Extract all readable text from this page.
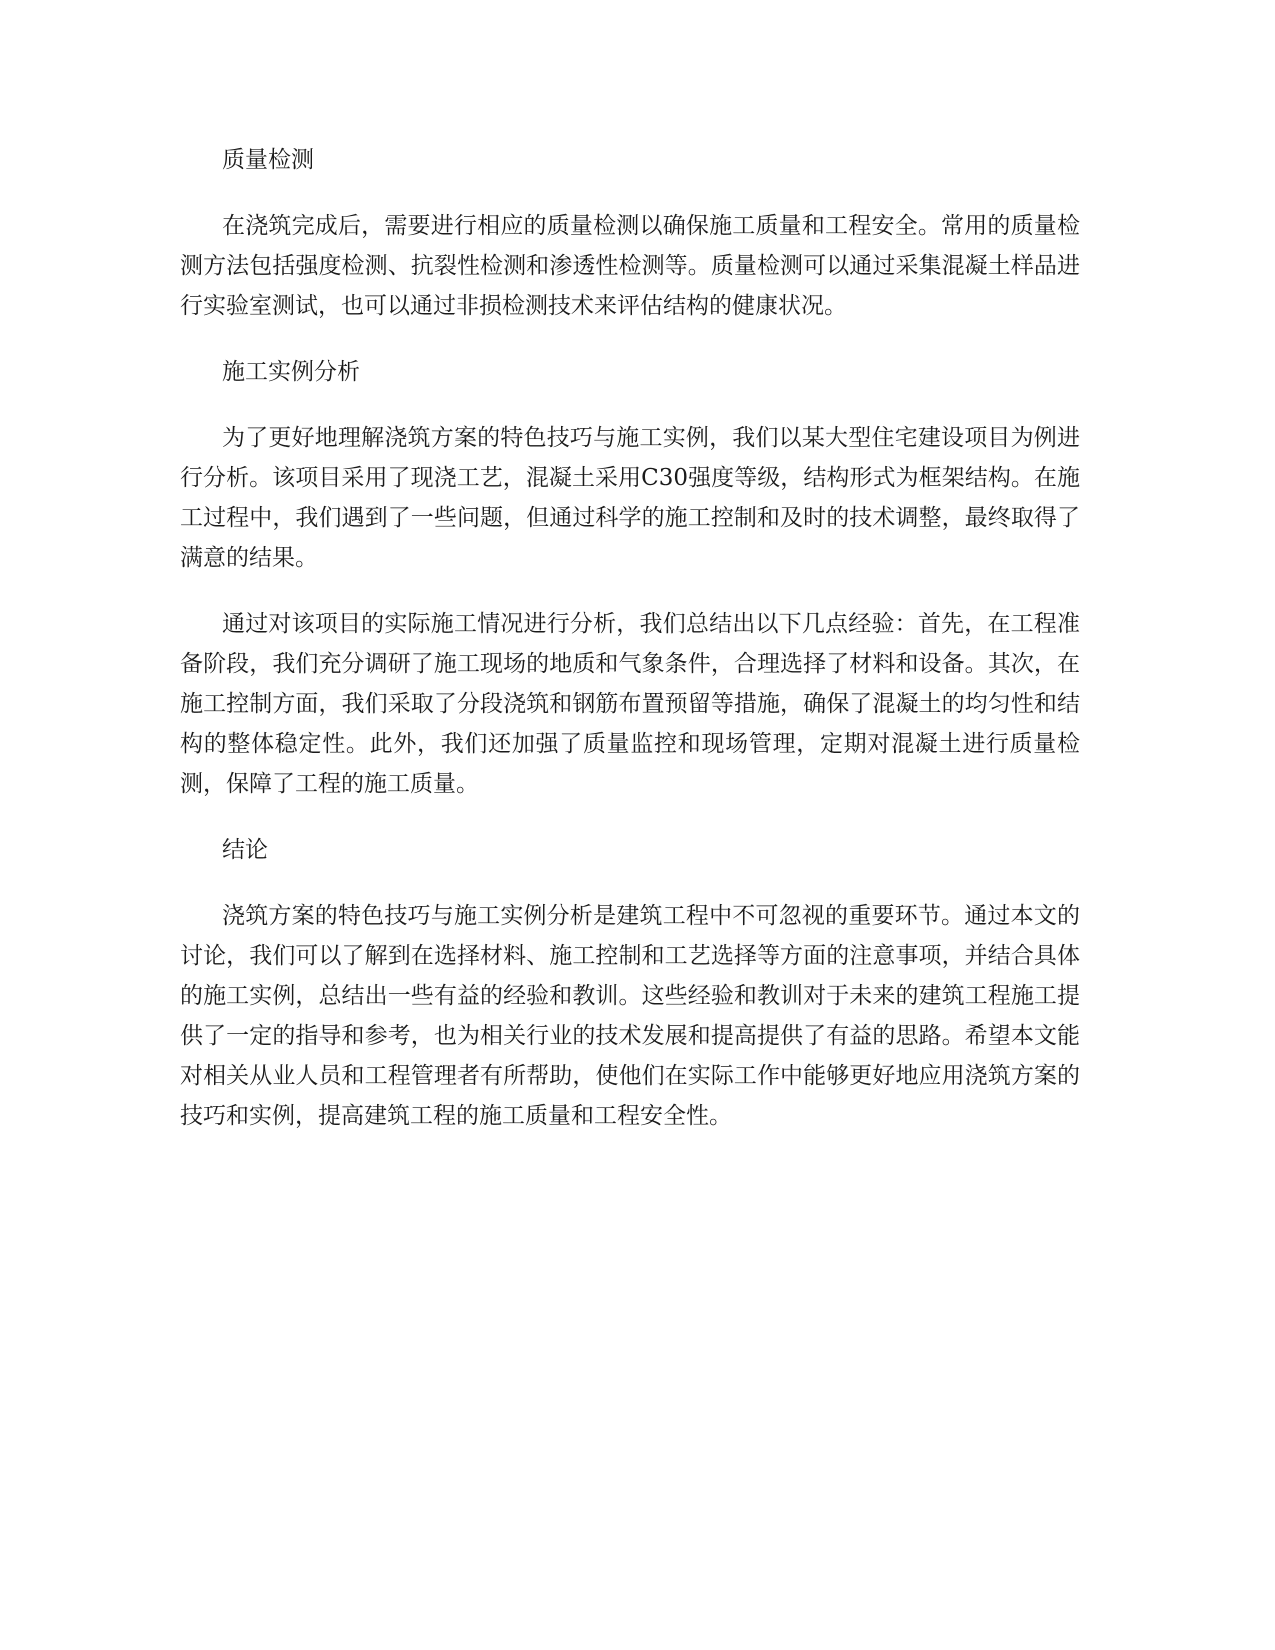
质量检测

在浇筑完成后，需要进行相应的质量检测以确保施工质量和工程安全。常用的质量检测方法包括强度检测、抗裂性检测和渗透性检测等。质量检测可以通过采集混凝土样品进行实验室测试，也可以通过非损检测技术来评估结构的健康状况。

施工实例分析

为了更好地理解浇筑方案的特色技巧与施工实例，我们以某大型住宅建设项目为例进行分析。该项目采用了现浇工艺，混凝土采用C30强度等级，结构形式为框架结构。在施工过程中，我们遇到了一些问题，但通过科学的施工控制和及时的技术调整，最终取得了满意的结果。

通过对该项目的实际施工情况进行分析，我们总结出以下几点经验：首先，在工程准备阶段，我们充分调研了施工现场的地质和气象条件，合理选择了材料和设备。其次，在施工控制方面，我们采取了分段浇筑和钢筋布置预留等措施，确保了混凝土的均匀性和结构的整体稳定性。此外，我们还加强了质量监控和现场管理，定期对混凝土进行质量检测，保障了工程的施工质量。

结论

浇筑方案的特色技巧与施工实例分析是建筑工程中不可忽视的重要环节。通过本文的讨论，我们可以了解到在选择材料、施工控制和工艺选择等方面的注意事项，并结合具体的施工实例，总结出一些有益的经验和教训。这些经验和教训对于未来的建筑工程施工提供了一定的指导和参考，也为相关行业的技术发展和提高提供了有益的思路。希望本文能对相关从业人员和工程管理者有所帮助，使他们在实际工作中能够更好地应用浇筑方案的技巧和实例，提高建筑工程的施工质量和工程安全性。
